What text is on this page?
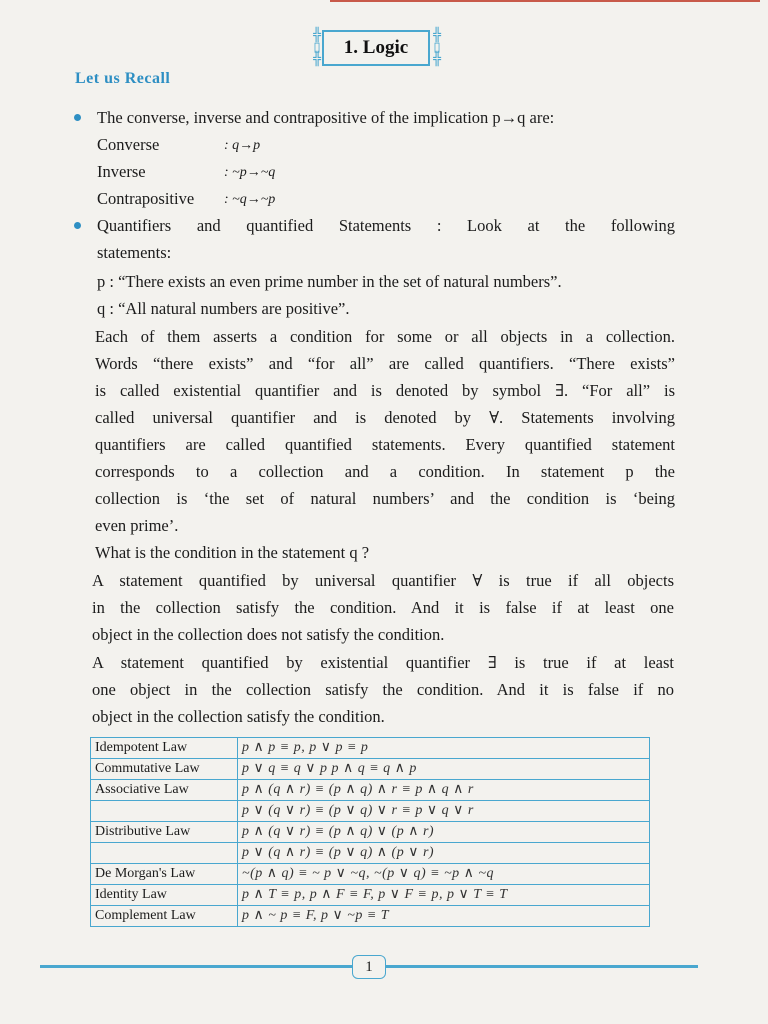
╬
▯
╬
1. Logic
╬
▯
╬
Let us Recall
The converse, inverse and contrapositive of the implication p→q are:
Converse	: q→p
Inverse	: ~p→~q
Contrapositive : ~q→~p
Quantifiers and quantified Statements : Look at the following
statements:
p : “There exists an even prime number in the set of natural numbers”.
q : “All natural numbers are positive”.
Each of them asserts a condition for some or all objects in a collection.
Words “there exists” and “for all” are called quantifiers. “There exists”
is called existential quantifier and is denoted by symbol ∃. “For all” is
called universal quantifier and is denoted by ∀. Statements involving
quantifiers are called quantified statements. Every quantified statement
corresponds to a collection and a condition. In statement p the
collection is ‘the set of natural numbers’ and the condition is ‘being
even prime’.
What is the condition in the statement q ?
A statement quantified by universal quantifier ∀ is true if all objects
in the collection satisfy the condition. And it is false if at least one
object in the collection does not satisfy the condition.
A statement quantified by existential quantifier ∃ is true if at least
one object in the collection satisfy the condition. And it is false if no
object in the collection satisfy the condition.
Idempotent Law	p ∧ p ≡ p, p ∨ p ≡ p
Commutative Law	p ∨ q ≡ q ∨ p p ∧ q ≡ q ∧ p
Associative Law	p ∧ (q ∧ r) ≡ (p ∧ q) ∧ r ≡ p ∧ q ∧ r
	p ∨ (q ∨ r) ≡ (p ∨ q) ∨ r ≡ p ∨ q ∨ r
Distributive Law	p ∧ (q ∨ r) ≡ (p ∧ q) ∨ (p ∧ r)
	p ∨ (q ∧ r) ≡ (p ∨ q) ∧ (p ∨ r)
De Morgan's Law	~(p ∧ q) ≡ ~ p ∨ ~q, ~(p ∨ q) ≡ ~p ∧ ~q
Identity Law	p ∧ T ≡ p, p ∧ F ≡ F, p ∨ F ≡ p, p ∨ T ≡ T
Complement Law	p ∧ ~ p ≡ F, p ∨ ~p ≡ T
1
